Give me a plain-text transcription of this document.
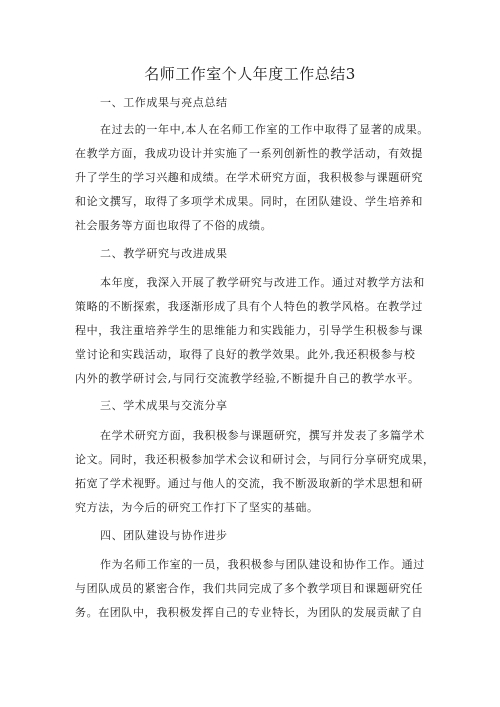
名师工作室个人年度工作总结3
一、工作成果与亮点总结
在过去的一年中,本人在名师工作室的工作中取得了显著的成果。
在教学方面，我成功设计并实施了一系列创新性的教学活动，有效提
升了学生的学习兴趣和成绩。在学术研究方面，我积极参与课题研究
和论文撰写，取得了多项学术成果。同时，在团队建设、学生培养和
社会服务等方面也取得了不俗的成绩。
二、教学研究与改进成果
本年度，我深入开展了教学研究与改进工作。通过对教学方法和
策略的不断探索，我逐渐形成了具有个人特色的教学风格。在教学过
程中，我注重培养学生的思维能力和实践能力，引导学生积极参与课
堂讨论和实践活动，取得了良好的教学效果。此外,我还积极参与校
内外的教学研讨会,与同行交流教学经验,不断提升自己的教学水平。
三、学术成果与交流分享
在学术研究方面，我积极参与课题研究，撰写并发表了多篇学术
论文。同时，我还积极参加学术会议和研讨会，与同行分享研究成果，
拓宽了学术视野。通过与他人的交流，我不断汲取新的学术思想和研
究方法，为今后的研究工作打下了坚实的基础。
四、团队建设与协作进步
作为名师工作室的一员，我积极参与团队建设和协作工作。通过
与团队成员的紧密合作，我们共同完成了多个教学项目和课题研究任
务。在团队中，我积极发挥自己的专业特长，为团队的发展贡献了自
